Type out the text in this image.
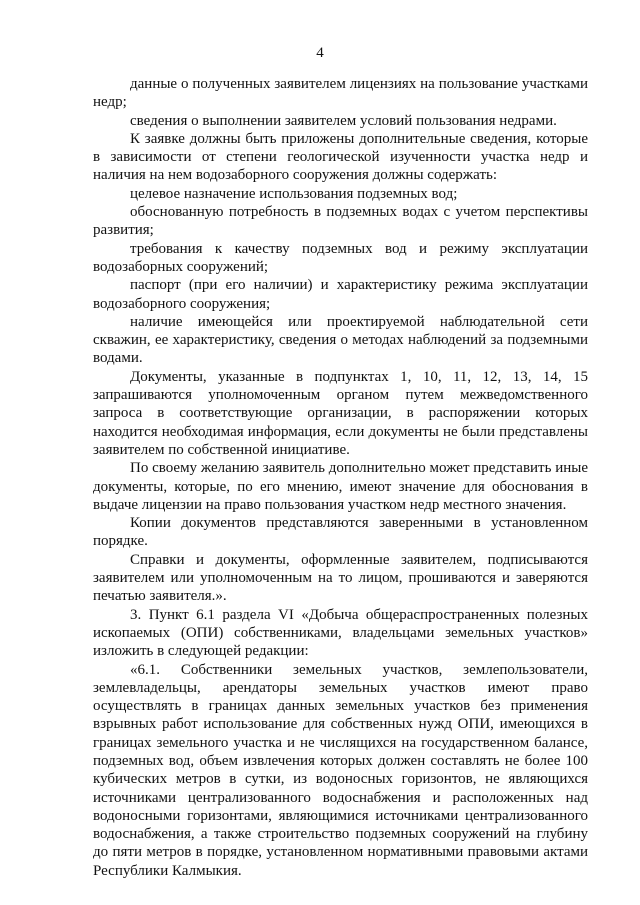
4

данные о полученных заявителем лицензиях на пользование участками недр;

сведения о выполнении заявителем условий пользования недрами.

К заявке должны быть приложены дополнительные сведения, которые в зависимости от степени геологической изученности участка недр и наличия на нем водозаборного сооружения должны содержать:

целевое назначение использования подземных вод;

обоснованную потребность в подземных водах с учетом перспективы развития;

требования к качеству подземных вод и режиму эксплуатации водозаборных сооружений;

паспорт (при его наличии) и характеристику режима эксплуатации водозаборного сооружения;

наличие имеющейся или проектируемой наблюдательной сети скважин, ее характеристику, сведения о методах наблюдений за подземными водами.

Документы, указанные в подпунктах 1, 10, 11, 12, 13, 14, 15 запрашиваются уполномоченным органом путем межведомственного запроса в соответствующие организации, в распоряжении которых находится необходимая информация, если документы не были представлены заявителем по собственной инициативе.

По своему желанию заявитель дополнительно может представить иные документы, которые, по его мнению, имеют значение для обоснования в выдаче лицензии на право пользования участком недр местного значения.

Копии документов представляются заверенными в установленном порядке.

Справки и документы, оформленные заявителем, подписываются заявителем или уполномоченным на то лицом, прошиваются и заверяются печатью заявителя.».

3. Пункт 6.1 раздела VI «Добыча общераспространенных полезных ископаемых (ОПИ) собственниками, владельцами земельных участков» изложить в следующей редакции:

«6.1. Собственники земельных участков, землепользователи, землевладельцы, арендаторы земельных участков имеют право осуществлять в границах данных земельных участков без применения взрывных работ использование для собственных нужд ОПИ, имеющихся в границах земельного участка и не числящихся на государственном балансе, подземных вод, объем извлечения которых должен составлять не более 100 кубических метров в сутки, из водоносных горизонтов, не являющихся источниками централизованного водоснабжения и расположенных над водоносными горизонтами, являющимися источниками централизованного водоснабжения, а также строительство подземных сооружений на глубину до пяти метров в порядке, установленном нормативными правовыми актами Республики Калмыкия.
